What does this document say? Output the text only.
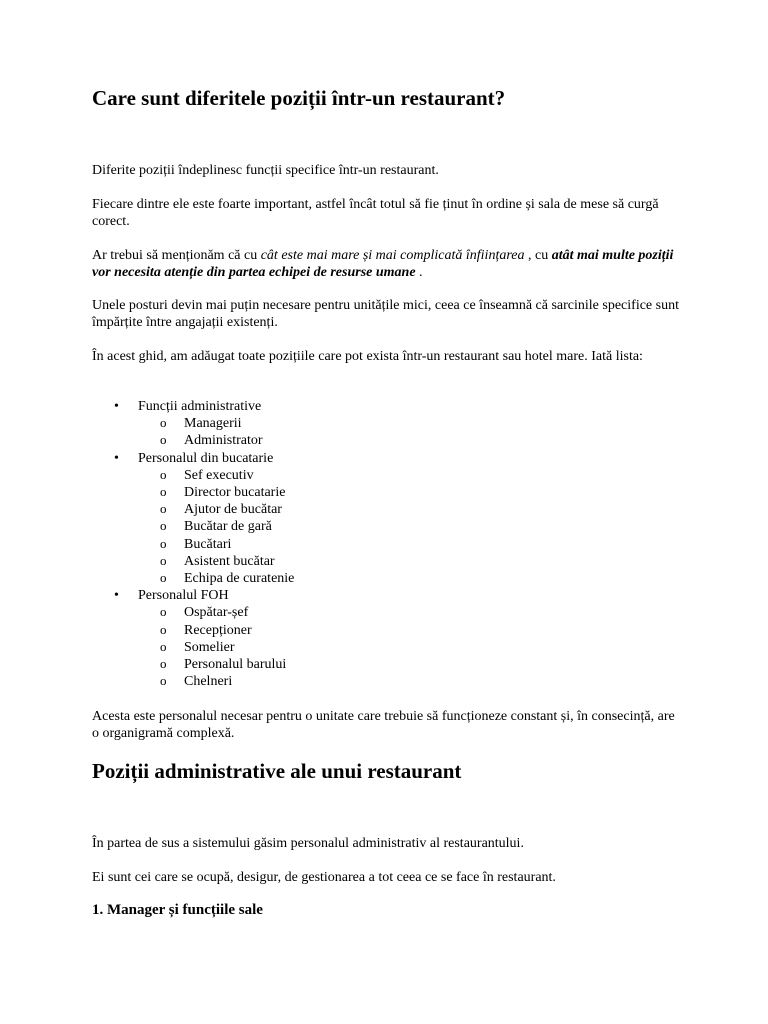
Care sunt diferitele poziții într-un restaurant?

Diferite poziții îndeplinesc funcții specifice într-un restaurant.

Fiecare dintre ele este foarte important, astfel încât totul să fie ținut în ordine și sala de mese să curgă corect.

Ar trebui să menționăm că cu cât este mai mare și mai complicată înființarea , cu atât mai multe poziții vor necesita atenție din partea echipei de resurse umane .

Unele posturi devin mai puțin necesare pentru unitățile mici, ceea ce înseamnă că sarcinile specifice sunt împărțite între angajații existenți.

În acest ghid, am adăugat toate pozițiile care pot exista într-un restaurant sau hotel mare. Iată lista:

• Funcții administrative
o Managerii
o Administrator
• Personalul din bucatarie
o Sef executiv
o Director bucatarie
o Ajutor de bucătar
o Bucătar de gară
o Bucătari
o Asistent bucătar
o Echipa de curatenie
• Personalul FOH
o Ospătar-șef
o Recepționer
o Somelier
o Personalul barului
o Chelneri

Acesta este personalul necesar pentru o unitate care trebuie să funcționeze constant și, în consecință, are o organigramă complexă.

Poziții administrative ale unui restaurant

În partea de sus a sistemului găsim personalul administrativ al restaurantului.

Ei sunt cei care se ocupă, desigur, de gestionarea a tot ceea ce se face în restaurant.

1. Manager și funcțiile sale
